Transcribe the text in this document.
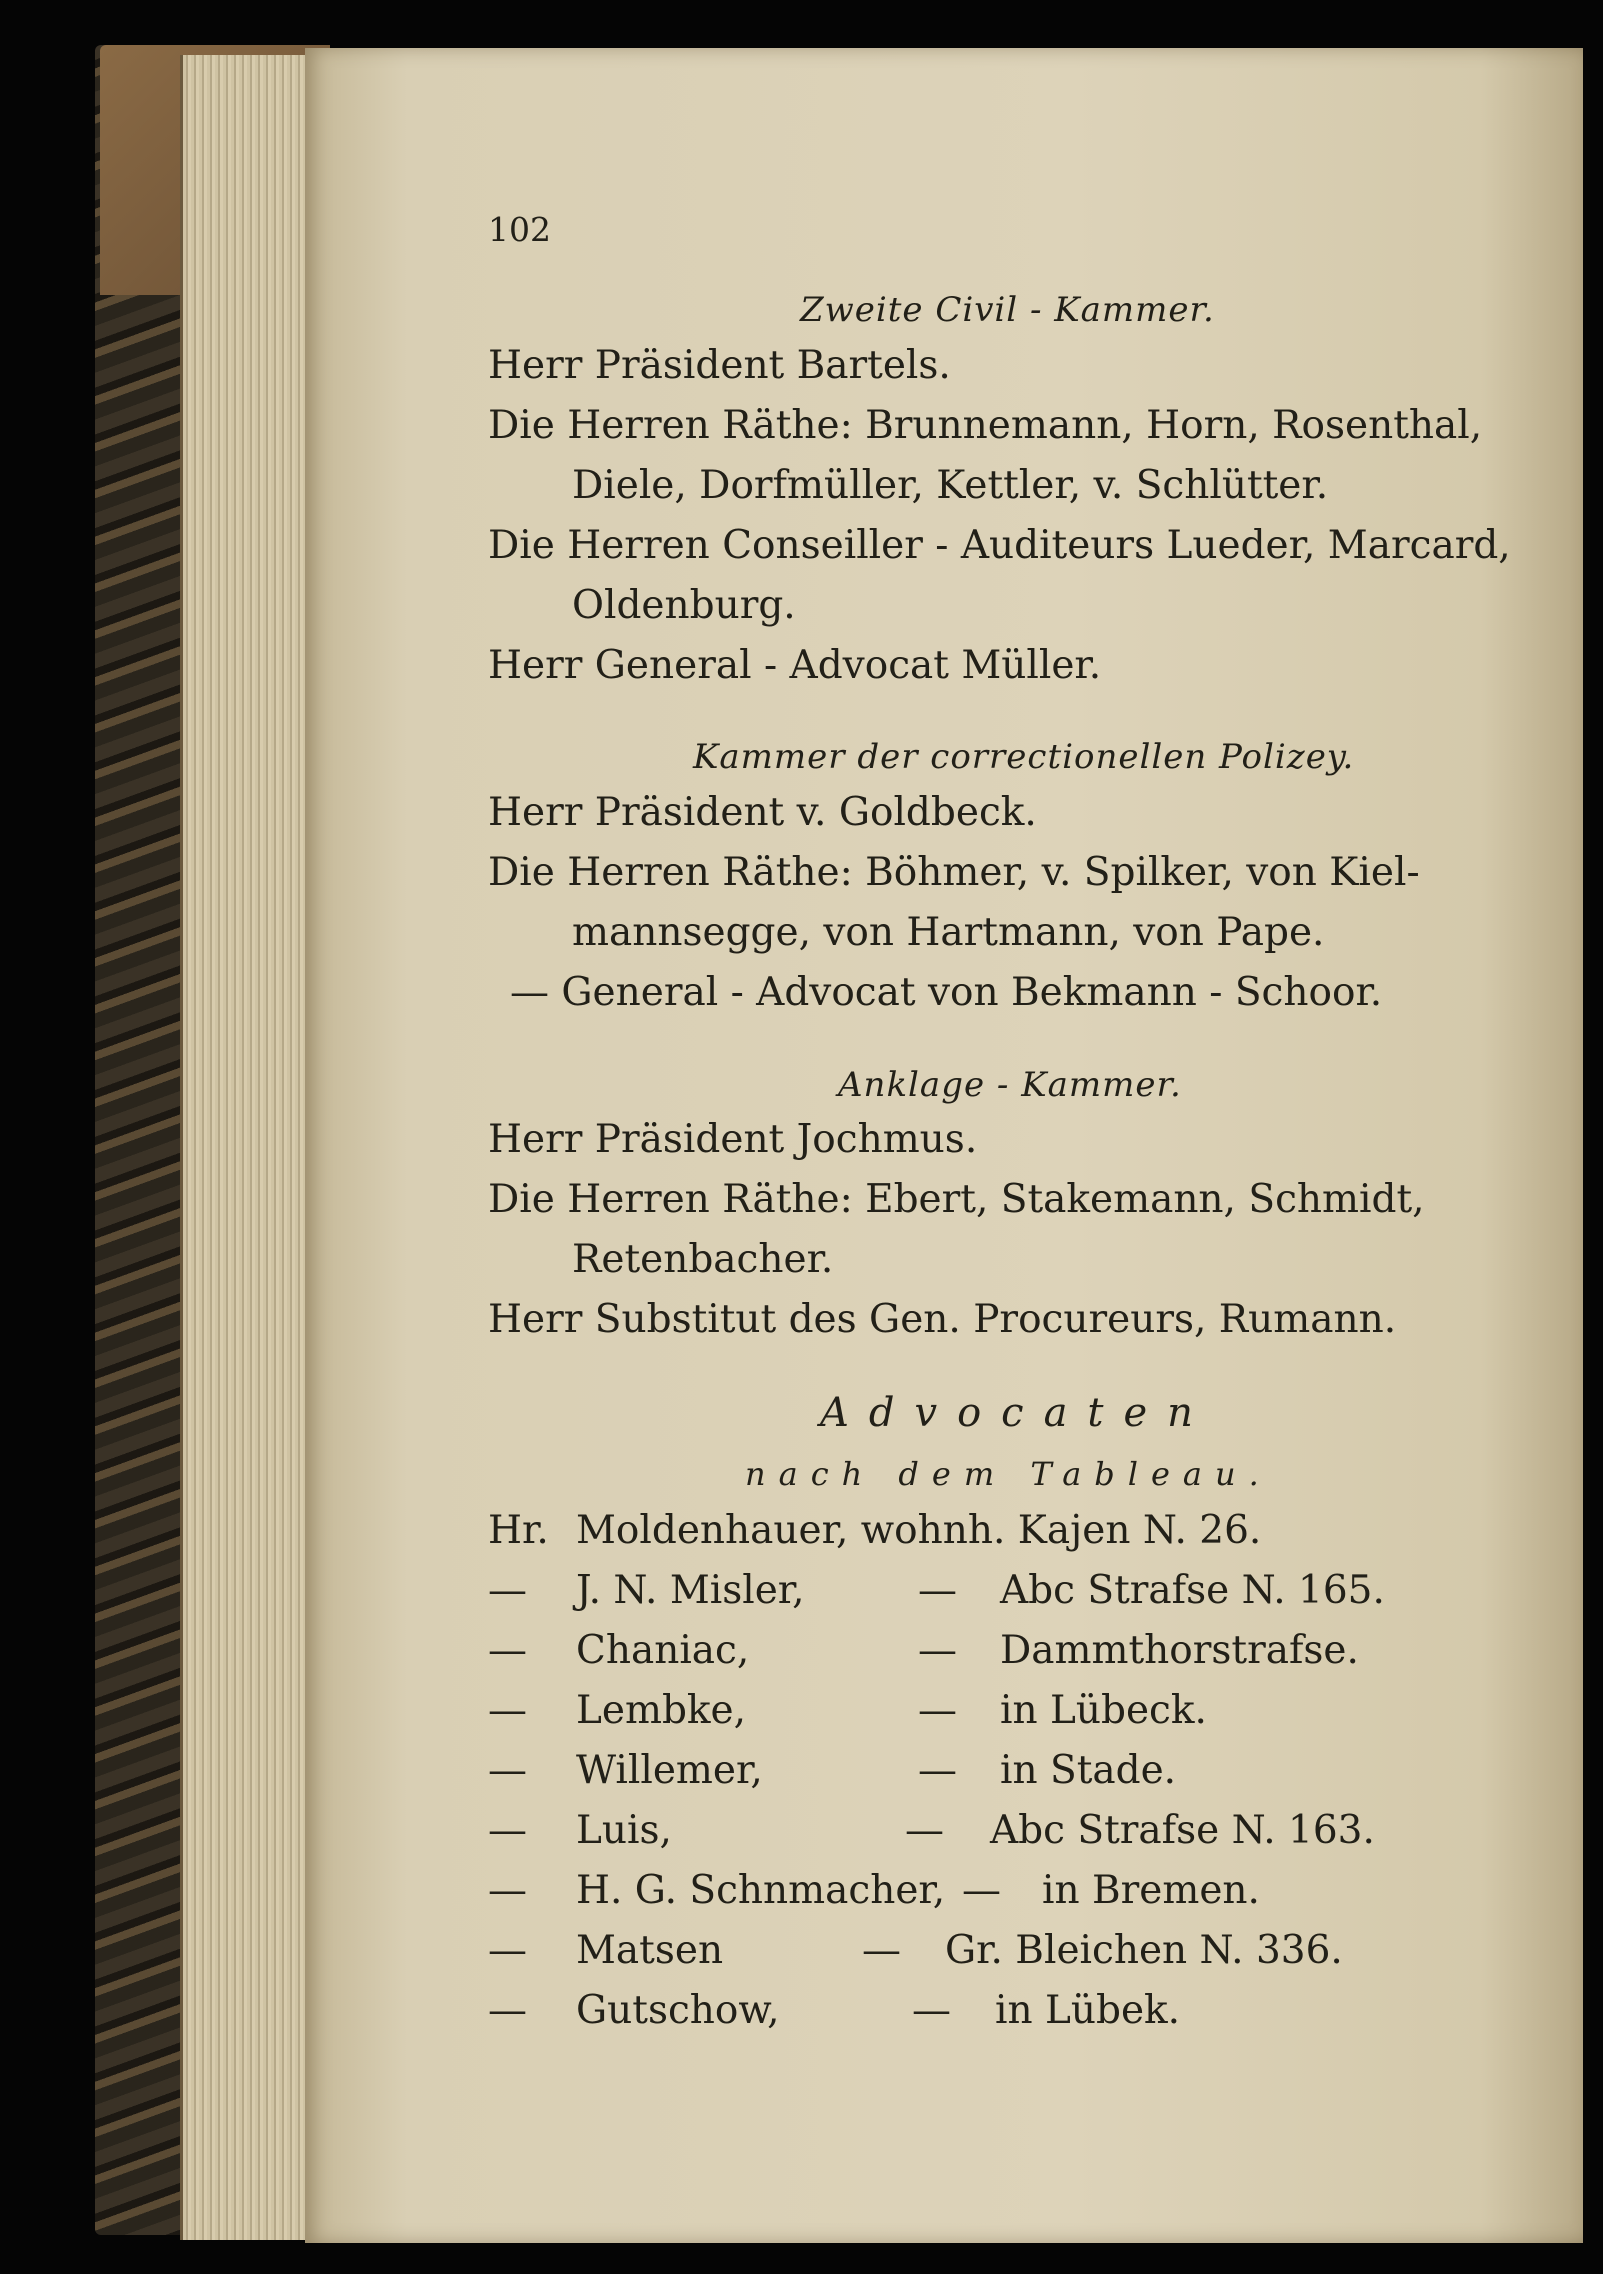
102
Zweite Civil - Kammer.
Herr Präsident Bartels.
Die Herren Räthe: Brunnemann, Horn, Rosenthal,
Diele, Dorfmüller, Kettler, v. Schlütter.
Die Herren Conseiller - Auditeurs Lueder, Marcard,
Oldenburg.
Herr General - Advocat Müller.
Kammer der correctionellen Polizey.
Herr Präsident v. Goldbeck.
Die Herren Räthe: Böhmer, v. Spilker, von Kiel-
mannsegge, von Hartmann, von Pape.
— General - Advocat von Bekmann - Schoor.
Anklage - Kammer.
Herr Präsident Jochmus.
Die Herren Räthe: Ebert, Stakemann, Schmidt,
Retenbacher.
Herr Substitut des Gen. Procureurs, Rumann.
Advocaten
nach dem Tableau.
Hr. Moldenhauer, wohnh. Kajen N. 26.
— J. N. Misler,	— Abc Strafse N. 165.
— Chaniac,	— Dammthorstrafse.
— Lembke,	— in Lübeck.
— Willemer,	— in Stade.
— Luis,	— Abc Strafse N. 163.
— H. G. Schnmacher, — in Bremen.
— Matsen	— Gr. Bleichen N. 336.
— Gutschow,	— in Lübek.
